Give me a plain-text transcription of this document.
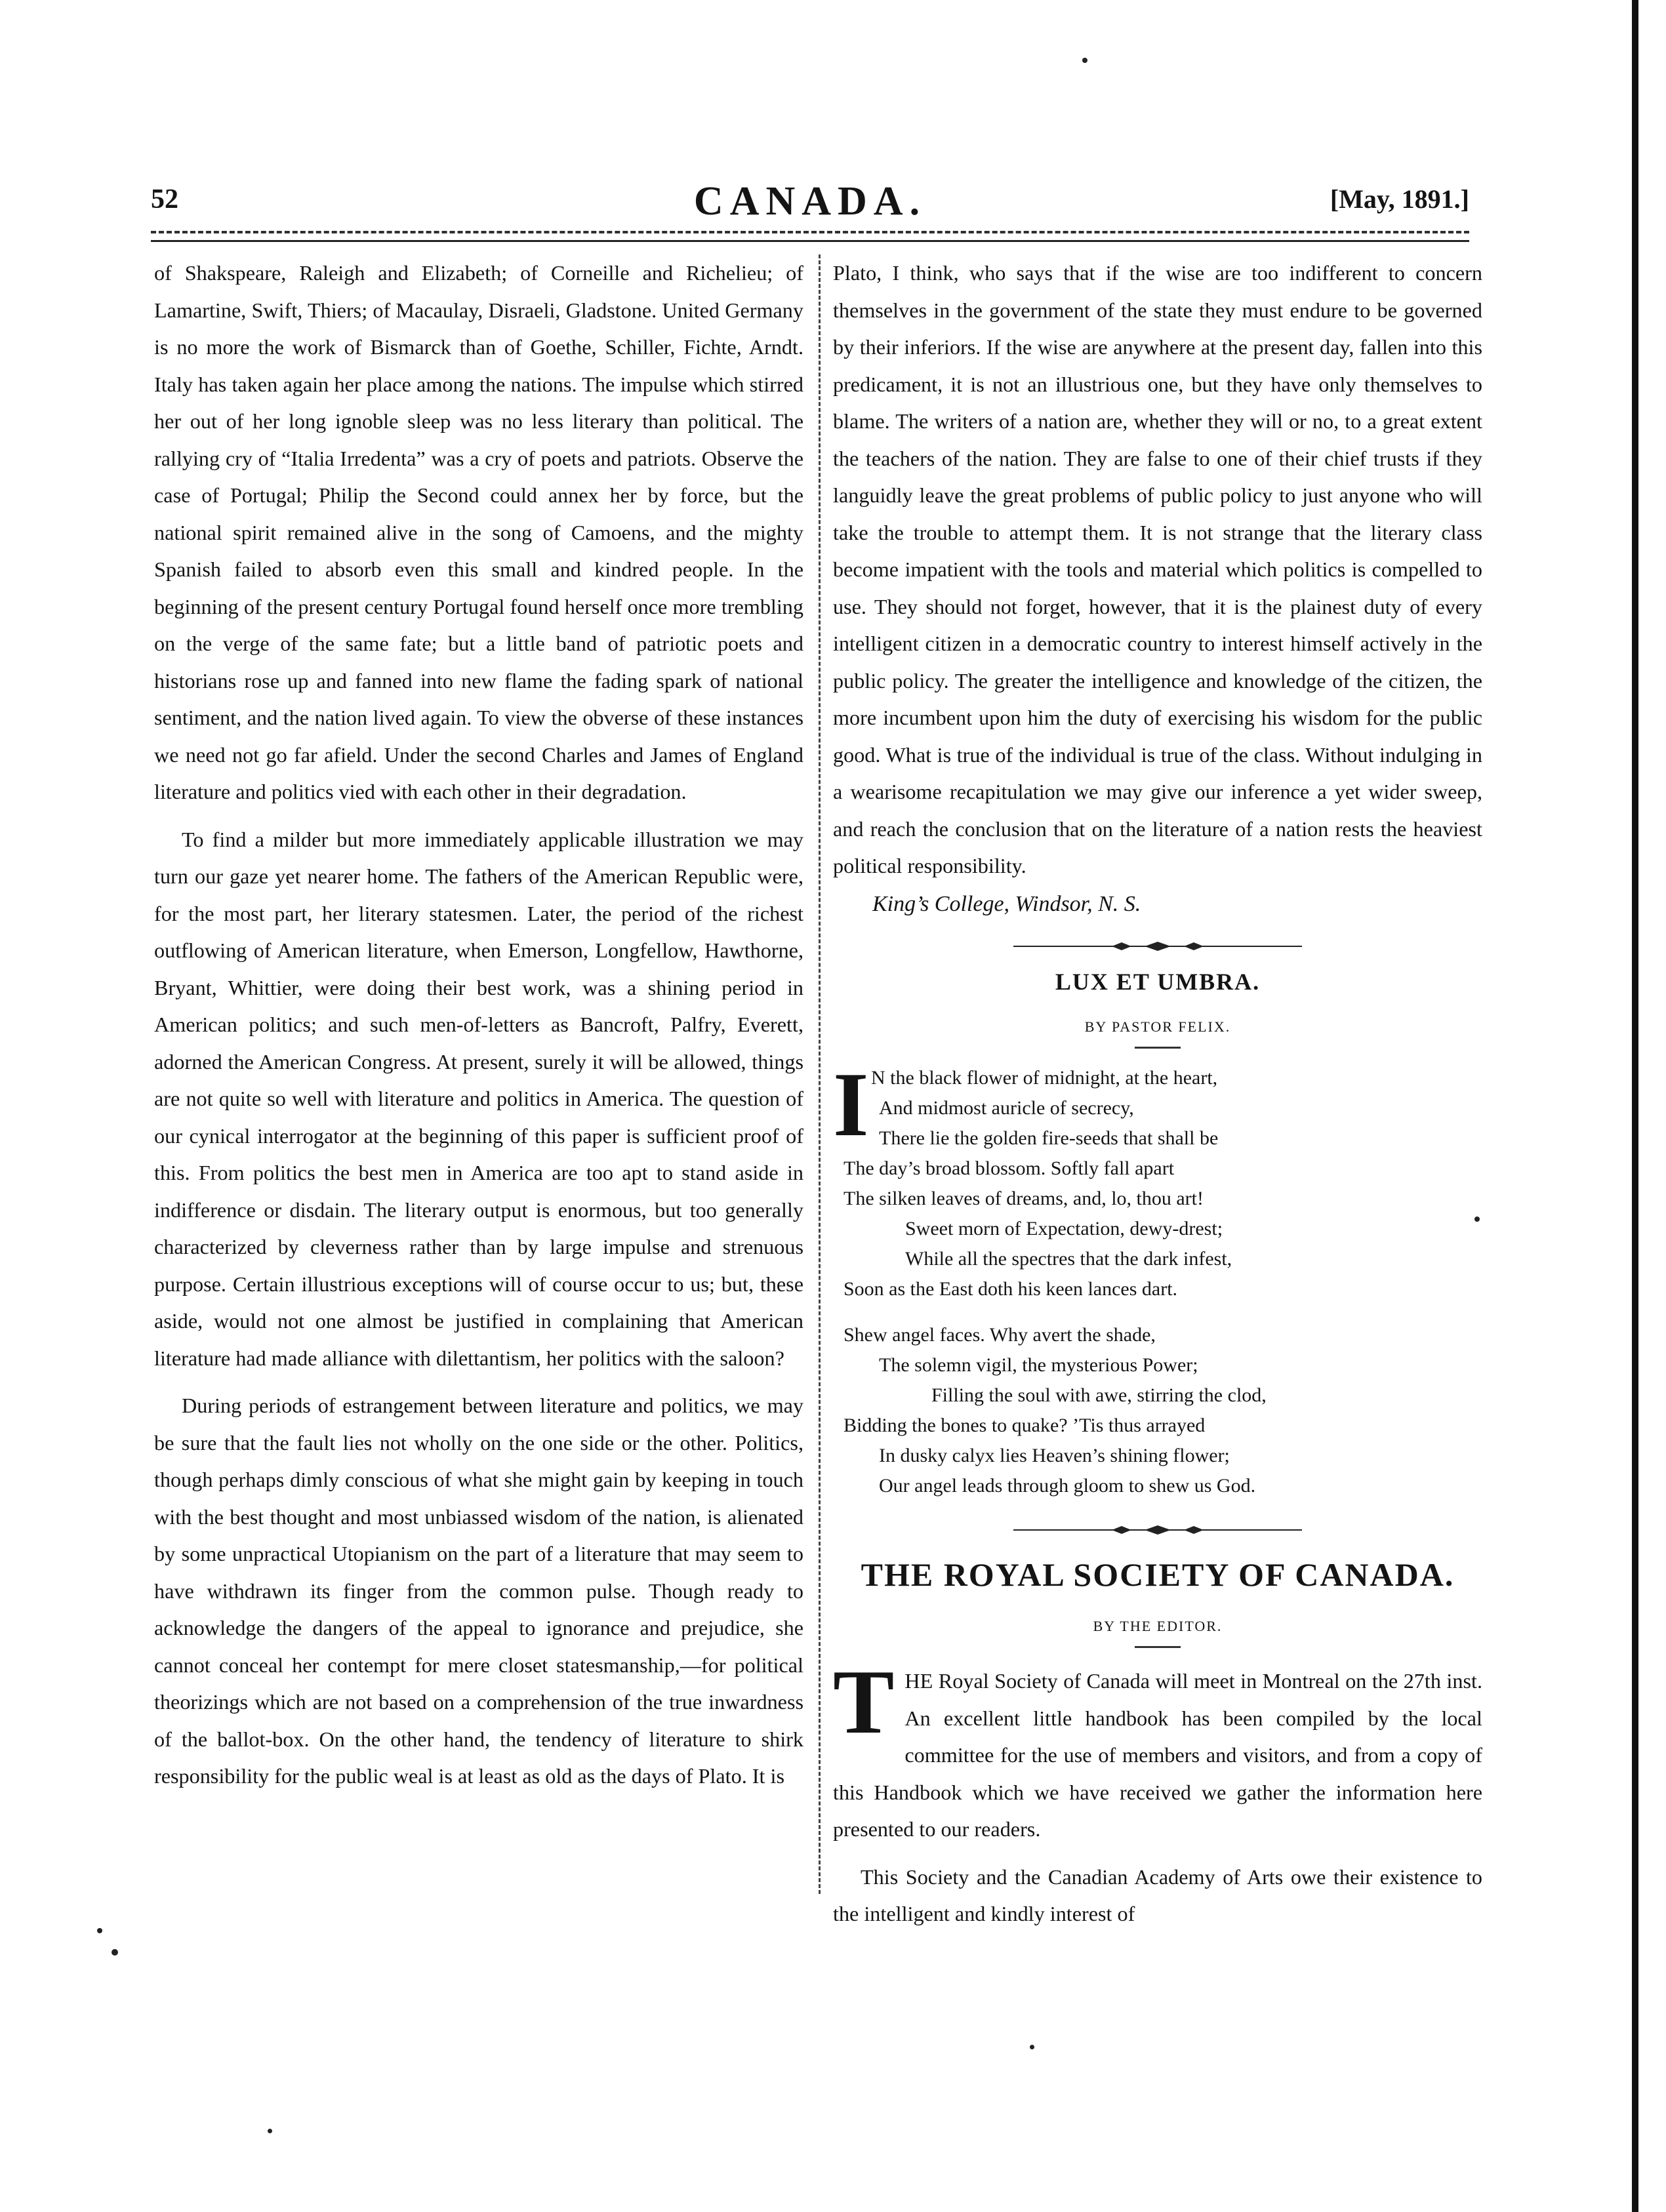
52	CANADA.	[May, 1891.]

of Shakspeare, Raleigh and Elizabeth; of Corneille and Richelieu; of Lamartine, Swift, Thiers; of Macaulay, Disraeli, Gladstone. United Germany is no more the work of Bismarck than of Goethe, Schiller, Fichte, Arndt. Italy has taken again her place among the nations. The impulse which stirred her out of her long ignoble sleep was no less literary than political. The rallying cry of “Italia Irredenta” was a cry of poets and patriots. Observe the case of Portugal; Philip the Second could annex her by force, but the national spirit remained alive in the song of Camoens, and the mighty Spanish failed to absorb even this small and kindred people. In the beginning of the present century Portugal found herself once more trembling on the verge of the same fate; but a little band of patriotic poets and historians rose up and fanned into new flame the fading spark of national sentiment, and the nation lived again. To view the obverse of these instances we need not go far afield. Under the second Charles and James of England literature and politics vied with each other in their degradation.

To find a milder but more immediately applicable illustration we may turn our gaze yet nearer home. The fathers of the American Republic were, for the most part, her literary statesmen. Later, the period of the richest outflowing of American literature, when Emerson, Longfellow, Hawthorne, Bryant, Whittier, were doing their best work, was a shining period in American politics; and such men-of-letters as Bancroft, Palfry, Everett, adorned the American Congress. At present, surely it will be allowed, things are not quite so well with literature and politics in America. The question of our cynical interrogator at the beginning of this paper is sufficient proof of this. From politics the best men in America are too apt to stand aside in indifference or disdain. The literary output is enormous, but too generally characterized by cleverness rather than by large impulse and strenuous purpose. Certain illustrious exceptions will of course occur to us; but, these aside, would not one almost be justified in complaining that American literature had made alliance with dilettantism, her politics with the saloon?

During periods of estrangement between literature and politics, we may be sure that the fault lies not wholly on the one side or the other. Politics, though perhaps dimly conscious of what she might gain by keeping in touch with the best thought and most unbiassed wisdom of the nation, is alienated by some unpractical Utopianism on the part of a literature that may seem to have withdrawn its finger from the common pulse. Though ready to acknowledge the dangers of the appeal to ignorance and prejudice, she cannot conceal her contempt for mere closet statesmanship,—for political theorizings which are not based on a comprehension of the true inwardness of the ballot-box. On the other hand, the tendency of literature to shirk responsibility for the public weal is at least as old as the days of Plato. It is

Plato, I think, who says that if the wise are too indifferent to concern themselves in the government of the state they must endure to be governed by their inferiors. If the wise are anywhere at the present day, fallen into this predicament, it is not an illustrious one, but they have only themselves to blame. The writers of a nation are, whether they will or no, to a great extent the teachers of the nation. They are false to one of their chief trusts if they languidly leave the great problems of public policy to just anyone who will take the trouble to attempt them. It is not strange that the literary class become impatient with the tools and material which politics is compelled to use. They should not forget, however, that it is the plainest duty of every intelligent citizen in a democratic country to interest himself actively in the public policy. The greater the intelligence and knowledge of the citizen, the more incumbent upon him the duty of exercising his wisdom for the public good. What is true of the individual is true of the class. Without indulging in a wearisome recapitulation we may give our inference a yet wider sweep, and reach the conclusion that on the literature of a nation rests the heaviest political responsibility.

King’s College, Windsor, N. S.
LUX ET UMBRA.
BY PASTOR FELIX.
I N the black flower of midnight, at the heart,
And midmost auricle of secrecy,
There lie the golden fire-seeds that shall be
The day’s broad blossom. Softly fall apart
The silken leaves of dreams, and, lo, thou art!
Sweet morn of Expectation, dewy-drest;
While all the spectres that the dark infest,
Soon as the East doth his keen lances dart.
Shew angel faces. Why avert the shade,
The solemn vigil, the mysterious Power;
Filling the soul with awe, stirring the clod,
Bidding the bones to quake? ’Tis thus arrayed
In dusky calyx lies Heaven’s shining flower;
Our angel leads through gloom to shew us God.
THE ROYAL SOCIETY OF CANADA.
BY THE EDITOR.

THE Royal Society of Canada will meet in Montreal on the 27th inst. An excellent little handbook has been compiled by the local committee for the use of members and visitors, and from a copy of this Handbook which we have received we gather the information here presented to our readers.

This Society and the Canadian Academy of Arts owe their existence to the intelligent and kindly interest of
